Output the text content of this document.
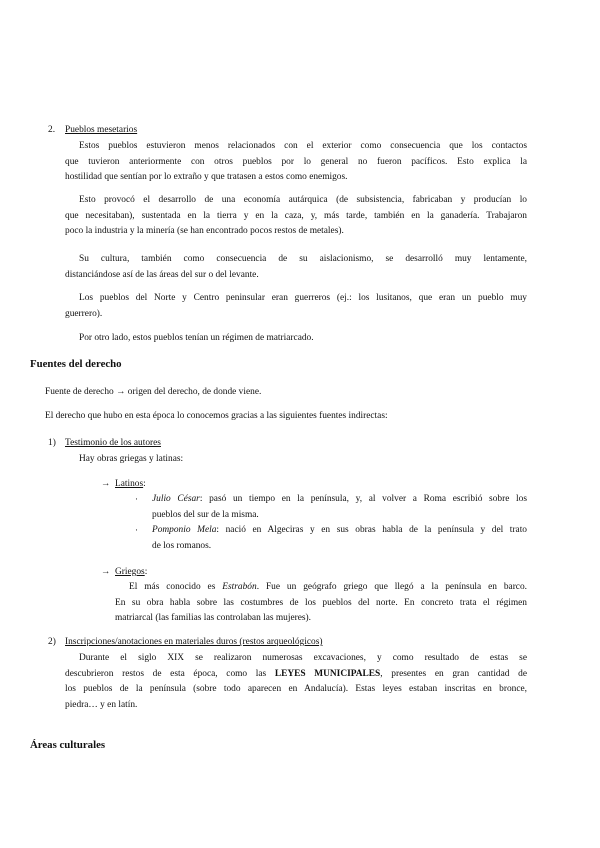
2. Pueblos mesetarios
Estos pueblos estuvieron menos relacionados con el exterior como consecuencia que los contactos
que tuvieron anteriormente con otros pueblos por lo general no fueron pacíficos. Esto explica la
hostilidad que sentían por lo extraño y que tratasen a estos como enemigos.
Esto provocó el desarrollo de una economía autárquica (de subsistencia, fabricaban y producían lo
que necesitaban), sustentada en la tierra y en la caza, y, más tarde, también en la ganadería. Trabajaron
poco la industria y la minería (se han encontrado pocos restos de metales).
Su cultura, también como consecuencia de su aislacionismo, se desarrolló muy lentamente,
distanciándose así de las áreas del sur o del levante.
Los pueblos del Norte y Centro peninsular eran guerreros (ej.: los lusitanos, que eran un pueblo muy
guerrero).
Por otro lado, estos pueblos tenían un régimen de matriarcado.
Fuentes del derecho
Fuente de derecho → origen del derecho, de donde viene.
El derecho que hubo en esta época lo conocemos gracias a las siguientes fuentes indirectas:
1) Testimonio de los autores
Hay obras griegas y latinas:
→ Latinos:
· Julio César: pasó un tiempo en la península, y, al volver a Roma escribió sobre los
pueblos del sur de la misma.
· Pomponio Mela: nació en Algeciras y en sus obras habla de la península y del trato
de los romanos.
→ Griegos:
El más conocido es Estrabón. Fue un geógrafo griego que llegó a la península en barco.
En su obra habla sobre las costumbres de los pueblos del norte. En concreto trata el régimen
matriarcal (las familias las controlaban las mujeres).
2) Inscripciones/anotaciones en materiales duros (restos arqueológicos)
Durante el siglo XIX se realizaron numerosas excavaciones, y como resultado de estas se
descubrieron restos de esta época, como las LEYES MUNICIPALES, presentes en gran cantidad de
los pueblos de la península (sobre todo aparecen en Andalucía). Estas leyes estaban inscritas en bronce,
piedra… y en latín.
Áreas culturales
